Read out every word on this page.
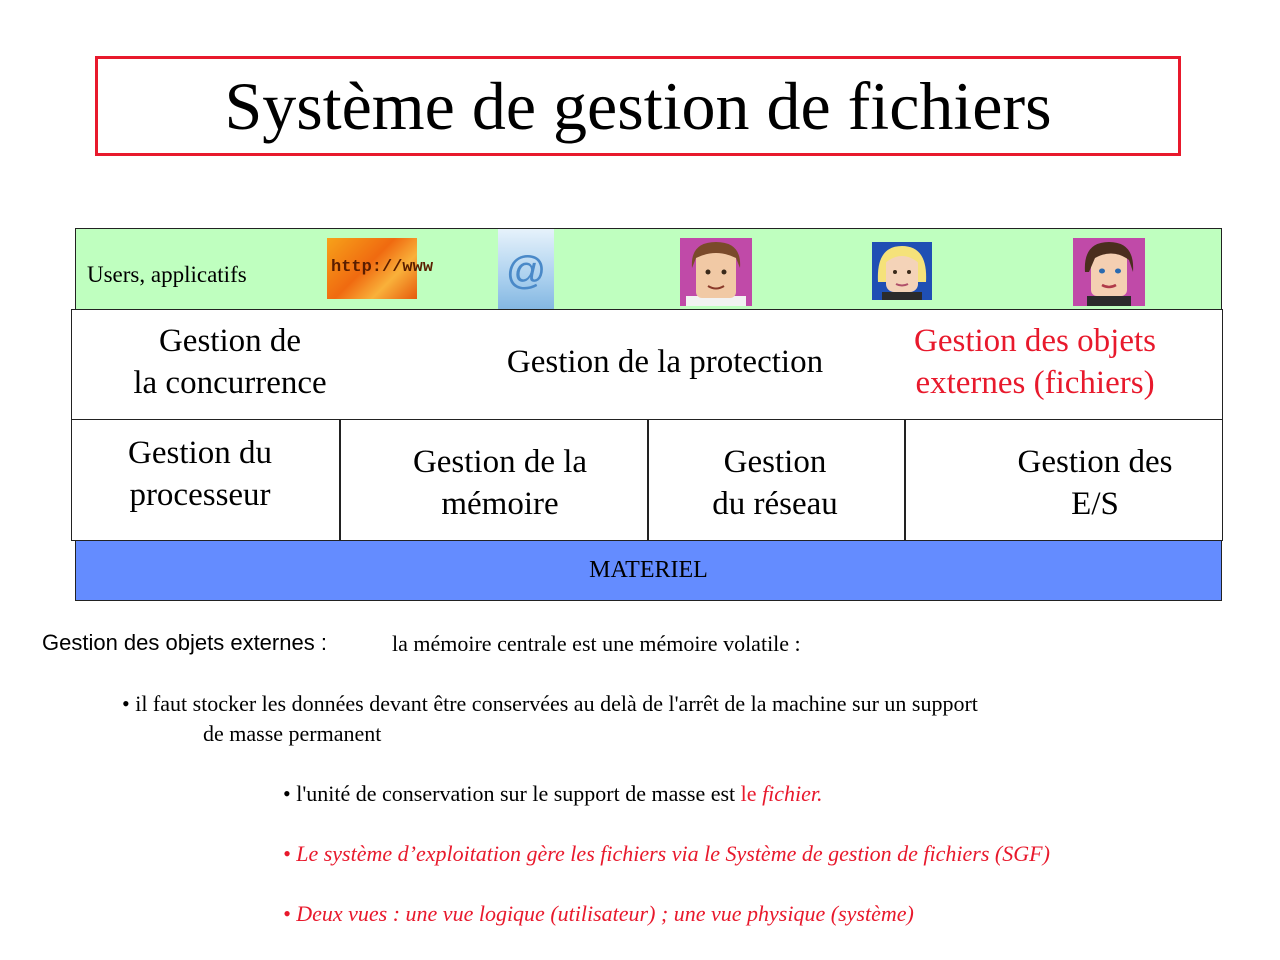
Système de gestion de fichiers
Users, applicatifs	http://www @
Gestion de
la concurrence
Gestion de la protection
Gestion des objets
externes (fichiers)
Gestion du
processeur
Gestion de la
mémoire
Gestion
du réseau
Gestion des
E/S
MATERIEL
Gestion des objets externes :	la mémoire centrale est une mémoire volatile :
• il faut stocker les données devant être conservées au delà de l'arrêt de la machine sur un support
de masse permanent
• l'unité de conservation sur le support de masse est le fichier.
• Le système d’exploitation gère les fichiers via le Système de gestion de fichiers (SGF)
• Deux vues : une vue logique (utilisateur) ; une vue physique (système)
